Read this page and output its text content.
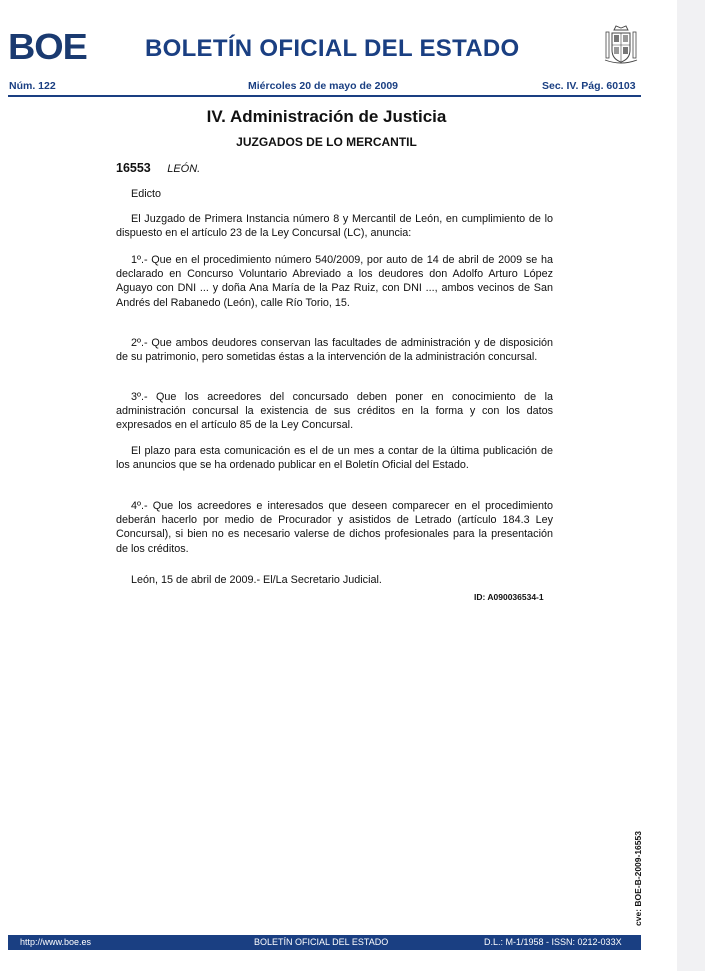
BOE BOLETÍN OFICIAL DEL ESTADO
Núm. 122	Miércoles 20 de mayo de 2009	Sec. IV. Pág. 60103
IV. Administración de Justicia
JUZGADOS DE LO MERCANTIL
16553 LEÓN.
Edicto
El Juzgado de Primera Instancia número 8 y Mercantil de León, en cumplimiento de lo dispuesto en el artículo 23 de la Ley Concursal (LC), anuncia:
1º.- Que en el procedimiento número 540/2009, por auto de 14 de abril de 2009 se ha declarado en Concurso Voluntario Abreviado a los deudores don Adolfo Arturo López Aguayo con DNI ... y doña Ana María de la Paz Ruiz, con DNI ..., ambos vecinos de San Andrés del Rabanedo (León), calle Río Torio, 15.
2º.- Que ambos deudores conservan las facultades de administración y de disposición de su patrimonio, pero sometidas éstas a la intervención de la administración concursal.
3º.- Que los acreedores del concursado deben poner en conocimiento de la administración concursal la existencia de sus créditos en la forma y con los datos expresados en el artículo 85 de la Ley Concursal.
El plazo para esta comunicación es el de un mes a contar de la última publicación de los anuncios que se ha ordenado publicar en el Boletín Oficial del Estado.
4º.- Que los acreedores e interesados que deseen comparecer en el procedimiento deberán hacerlo por medio de Procurador y asistidos de Letrado (artículo 184.3 Ley Concursal), si bien no es necesario valerse de dichos profesionales para la presentación de los créditos.
León, 15 de abril de 2009.- El/La Secretario Judicial.
ID: A090036534-1
cve: BOE-B-2009-16553
http://www.boe.es	BOLETÍN OFICIAL DEL ESTADO	D.L.: M-1/1958 - ISSN: 0212-033X
